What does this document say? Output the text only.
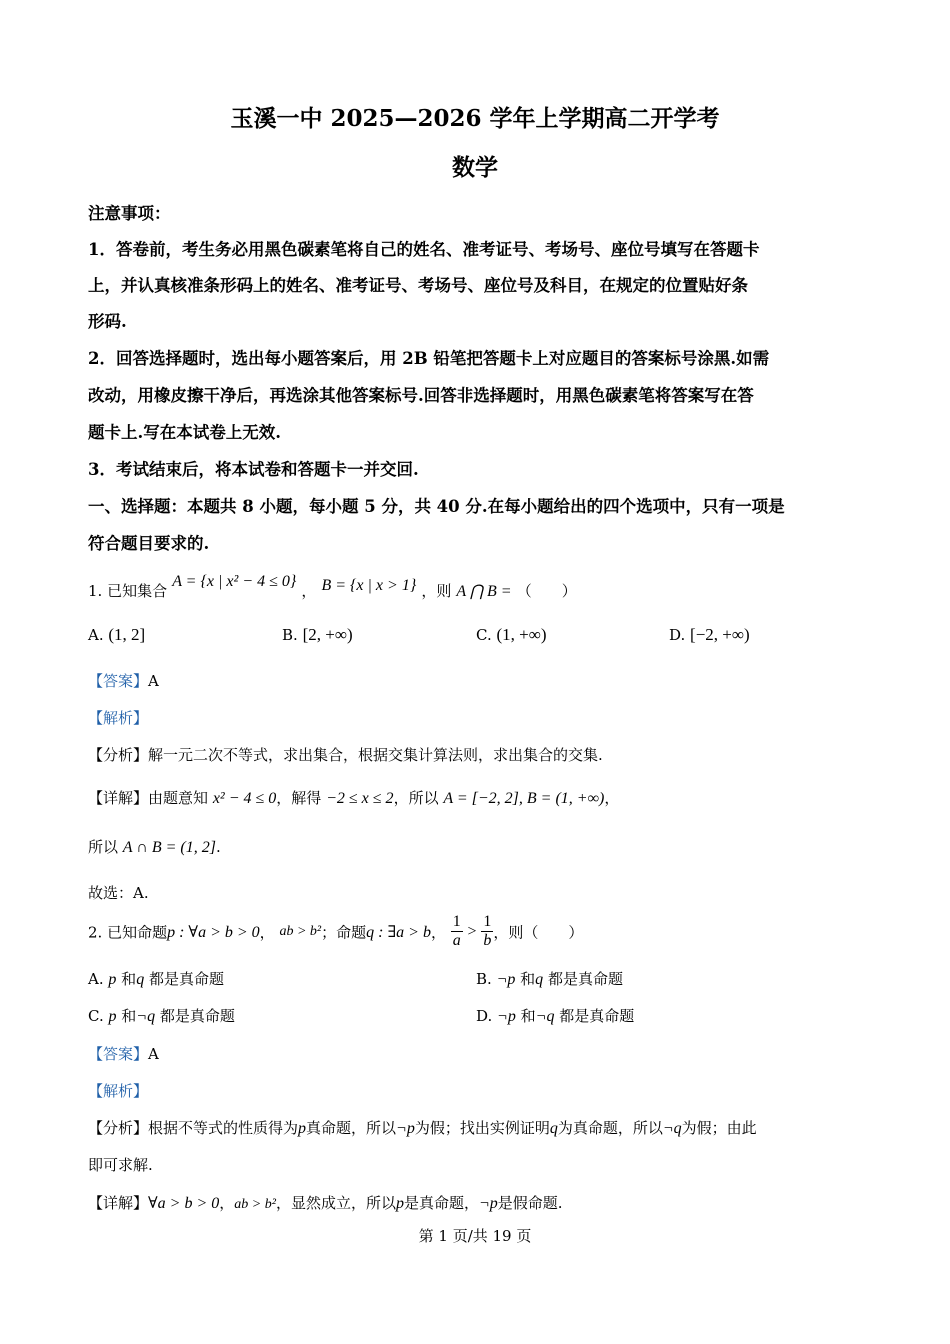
玉溪一中 2025—2026 学年上学期高二开学考
数学
注意事项：
1．答卷前，考生务必用黑色碳素笔将自己的姓名、准考证号、考场号、座位号填写在答题卡
上，并认真核准条形码上的姓名、准考证号、考场号、座位号及科目，在规定的位置贴好条
形码.
2．回答选择题时，选出每小题答案后，用 2B 铅笔把答题卡上对应题目的答案标号涂黑.如需
改动，用橡皮擦干净后，再选涂其他答案标号.回答非选择题时，用黑色碳素笔将答案写在答
题卡上.写在本试卷上无效.
3．考试结束后，将本试卷和答题卡一并交回.
一、选择题：本题共 8 小题，每小题 5 分，共 40 分.在每小题给出的四个选项中，只有一项是
符合题目要求的.
1. 已知集合 A = {x | x² − 4 ≤ 0} ， B = {x | x > 1} ，则 A ⋂ B = （　　）
A. (1, 2]	B. [2, +∞)	C. (1, +∞)	D. [−2, +∞)
【答案】A
【解析】
【分析】解一元二次不等式，求出集合，根据交集计算法则，求出集合的交集.
【详解】由题意知 x² − 4 ≤ 0，解得 −2 ≤ x ≤ 2，所以 A = [−2, 2], B = (1, +∞)，
所以 A ∩ B = (1, 2].
故选：A.
2. 已知命题p : ∀a > b > 0， ab > b²；命题q : ∃a > b， $\frac{1}{a} > \frac{1}{b}$ ，则（　　）
A. p 和q 都是真命题	B. ¬p 和q 都是真命题
C. p 和¬q 都是真命题	D. ¬p 和¬q 都是真命题
【答案】A
【解析】
【分析】根据不等式的性质得为p真命题，所以¬p为假；找出实例证明q为真命题，所以¬q为假；由此
即可求解.
【详解】∀a > b > 0，ab > b²，显然成立，所以p是真命题，¬p是假命题.
第 1 页/共 19 页
